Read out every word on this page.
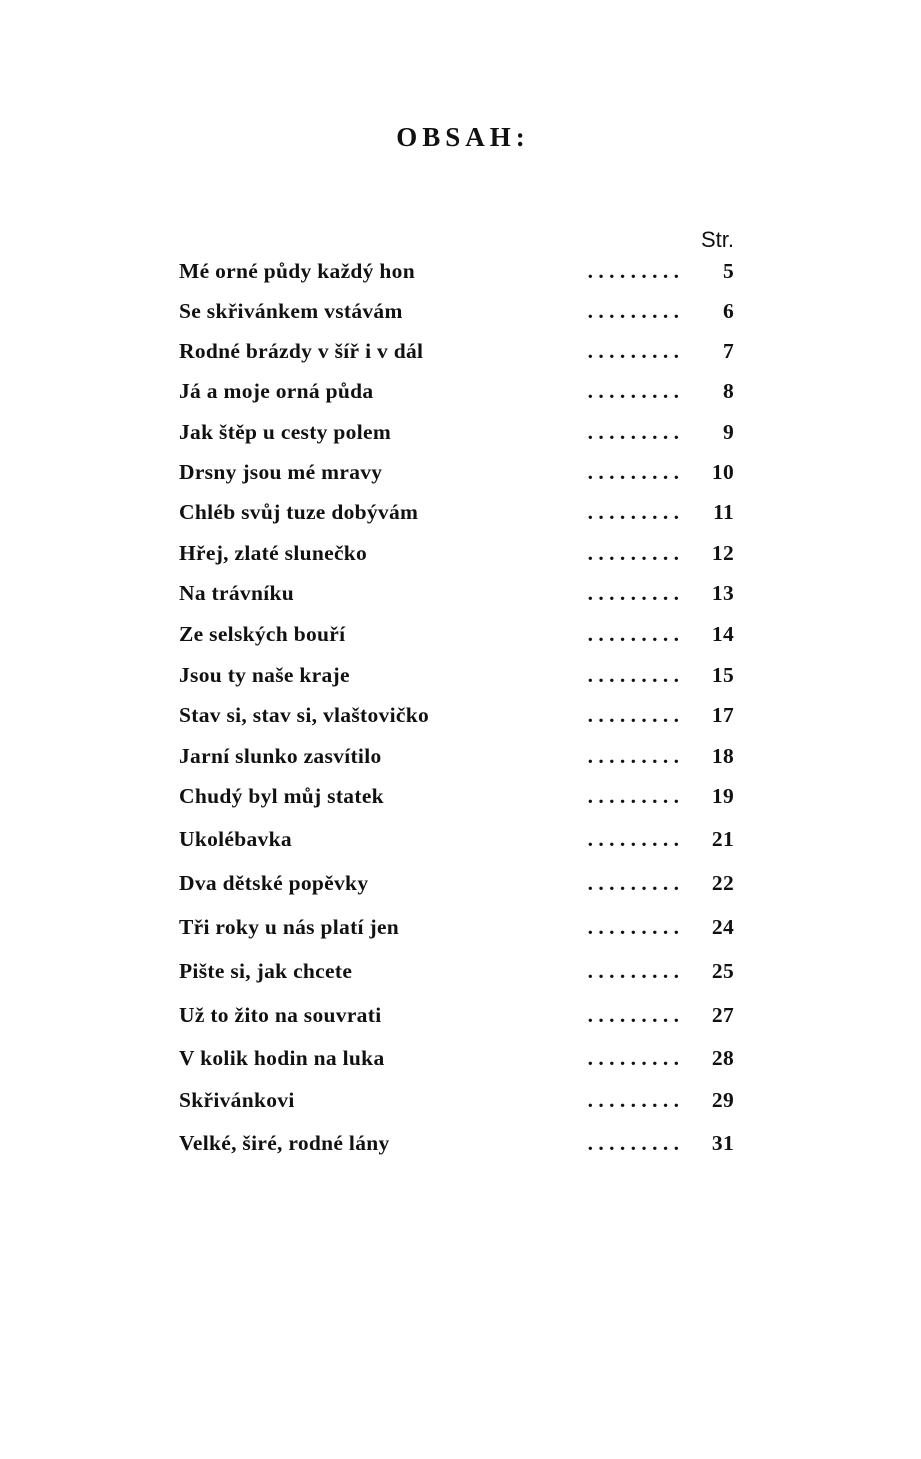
OBSAH:
Str.
. . . . . . . . .
Mé orné půdy každý hon	5
. . . . . . . . .
Se skřivánkem vstávám	6
. . . . . . . . .
Rodné brázdy v šíř i v dál	7
. . . . . . . . .
Já a moje orná půda	8
. . . . . . . . .
Jak štěp u cesty polem	9
. . . . . . . . .
Drsny jsou mé mravy	10
. . . . . . . . .
Chléb svůj tuze dobývám	11
. . . . . . . . .
Hřej, zlaté slunečko	12
. . . . . . . . .
Na trávníku	13
. . . . . . . . .
Ze selských bouří	14
. . . . . . . . .
Jsou ty naše kraje	15
. . . . . . . . .
Stav si, stav si, vlaštovičko	17
. . . . . . . . .
Jarní slunko zasvítilo	18
. . . . . . . . .
Chudý byl můj statek	19
. . . . . . . . .
Ukolébavka	21
. . . . . . . . .
Dva dětské popěvky	22
. . . . . . . . .
Tři roky u nás platí jen	24
. . . . . . . . .
Pište si, jak chcete	25
. . . . . . . . .
Už to žito na souvrati	27
. . . . . . . . .
V kolik hodin na luka	28
. . . . . . . . .
Skřivánkovi	29
. . . . . . . . .
Velké, širé, rodné lány	31
